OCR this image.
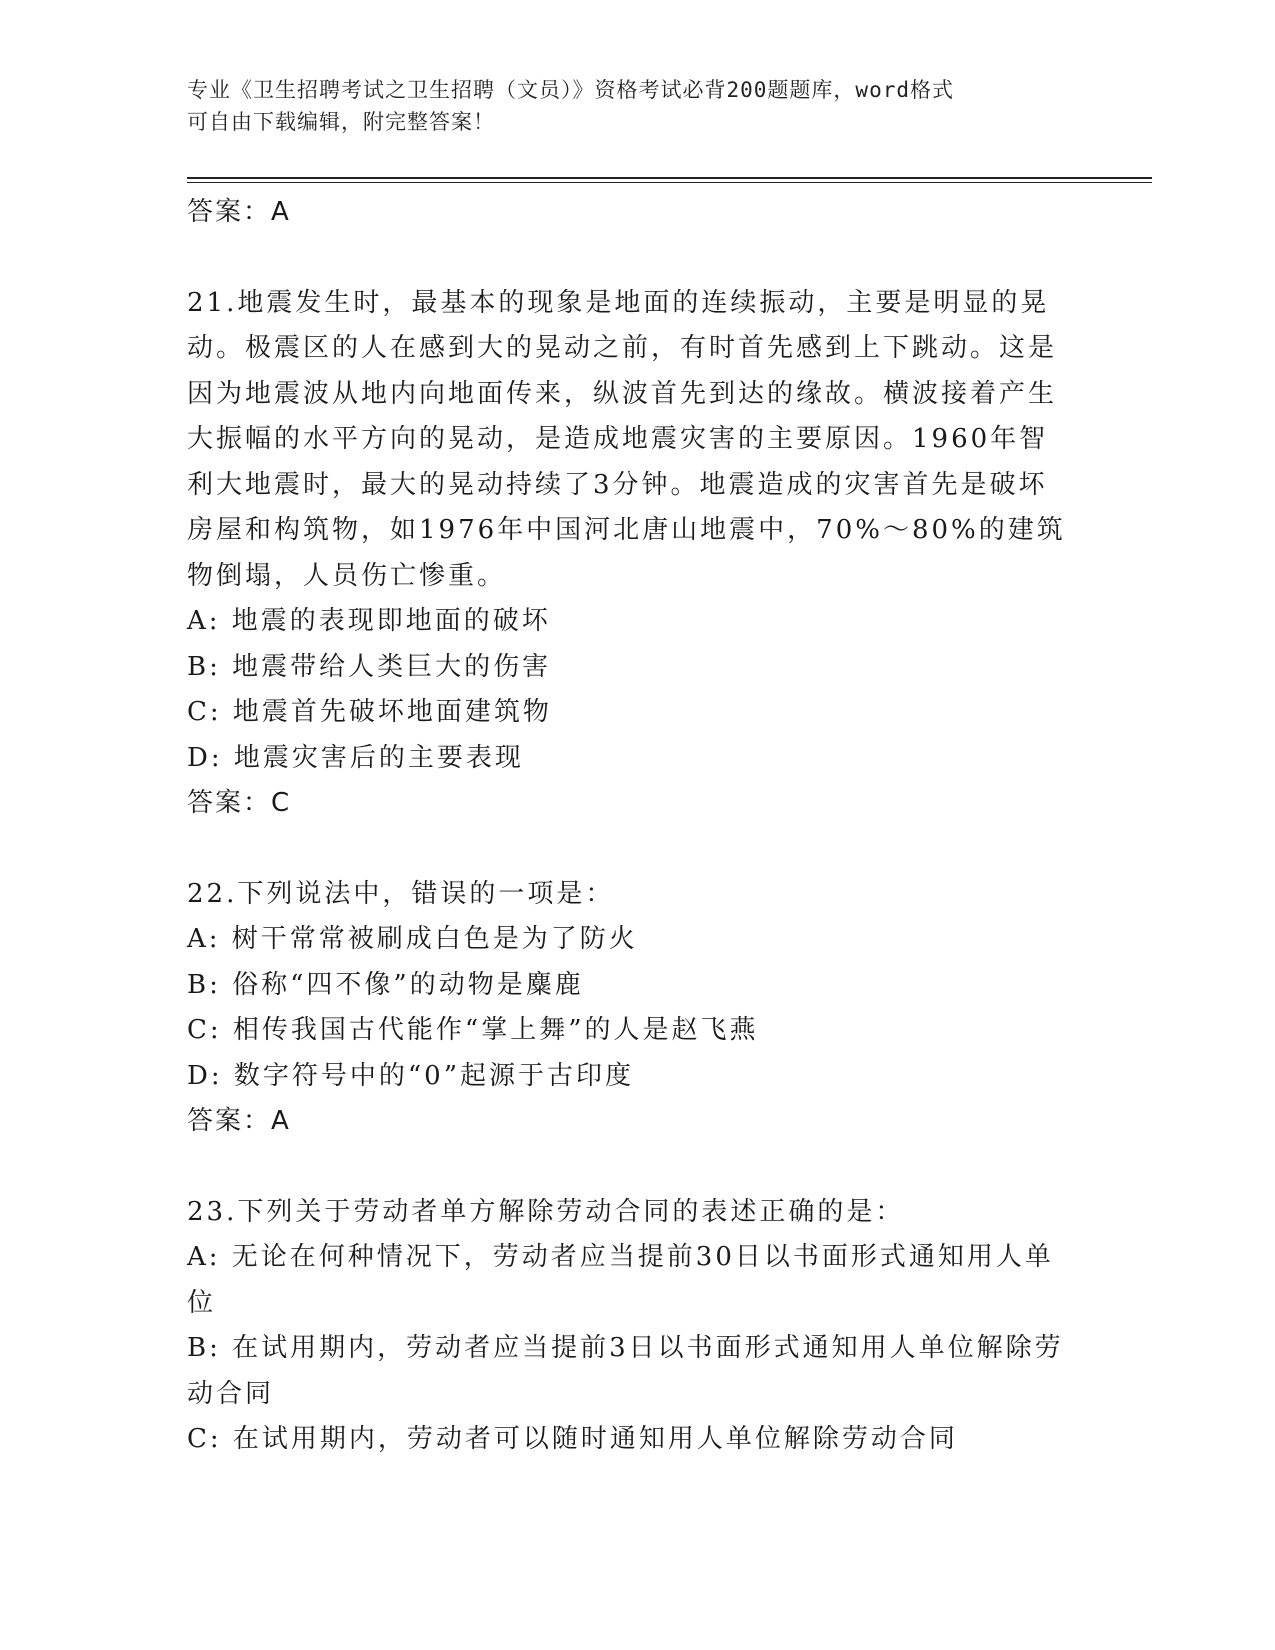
专业《卫生招聘考试之卫生招聘（文员）》资格考试必背200题题库，word格式
可自由下载编辑，附完整答案！
答案：A

21.地震发生时，最基本的现象是地面的连续振动，主要是明显的晃动。极震区的人在感到大的晃动之前，有时首先感到上下跳动。这是因为地震波从地内向地面传来，纵波首先到达的缘故。横波接着产生大振幅的水平方向的晃动，是造成地震灾害的主要原因。1960年智利大地震时，最大的晃动持续了3分钟。地震造成的灾害首先是破坏房屋和构筑物，如1976年中国河北唐山地震中，70%～80%的建筑物倒塌，人员伤亡惨重。

A: 地震的表现即地面的破坏

B: 地震带给人类巨大的伤害

C: 地震首先破坏地面建筑物

D: 地震灾害后的主要表现

答案：C

22.下列说法中，错误的一项是：

A: 树干常常被刷成白色是为了防火

B: 俗称“四不像”的动物是麋鹿

C: 相传我国古代能作“掌上舞”的人是赵飞燕

D: 数字符号中的“0”起源于古印度

答案：A

23.下列关于劳动者单方解除劳动合同的表述正确的是：

A: 无论在何种情况下，劳动者应当提前30日以书面形式通知用人单位

B: 在试用期内，劳动者应当提前3日以书面形式通知用人单位解除劳动合同

C: 在试用期内，劳动者可以随时通知用人单位解除劳动合同
